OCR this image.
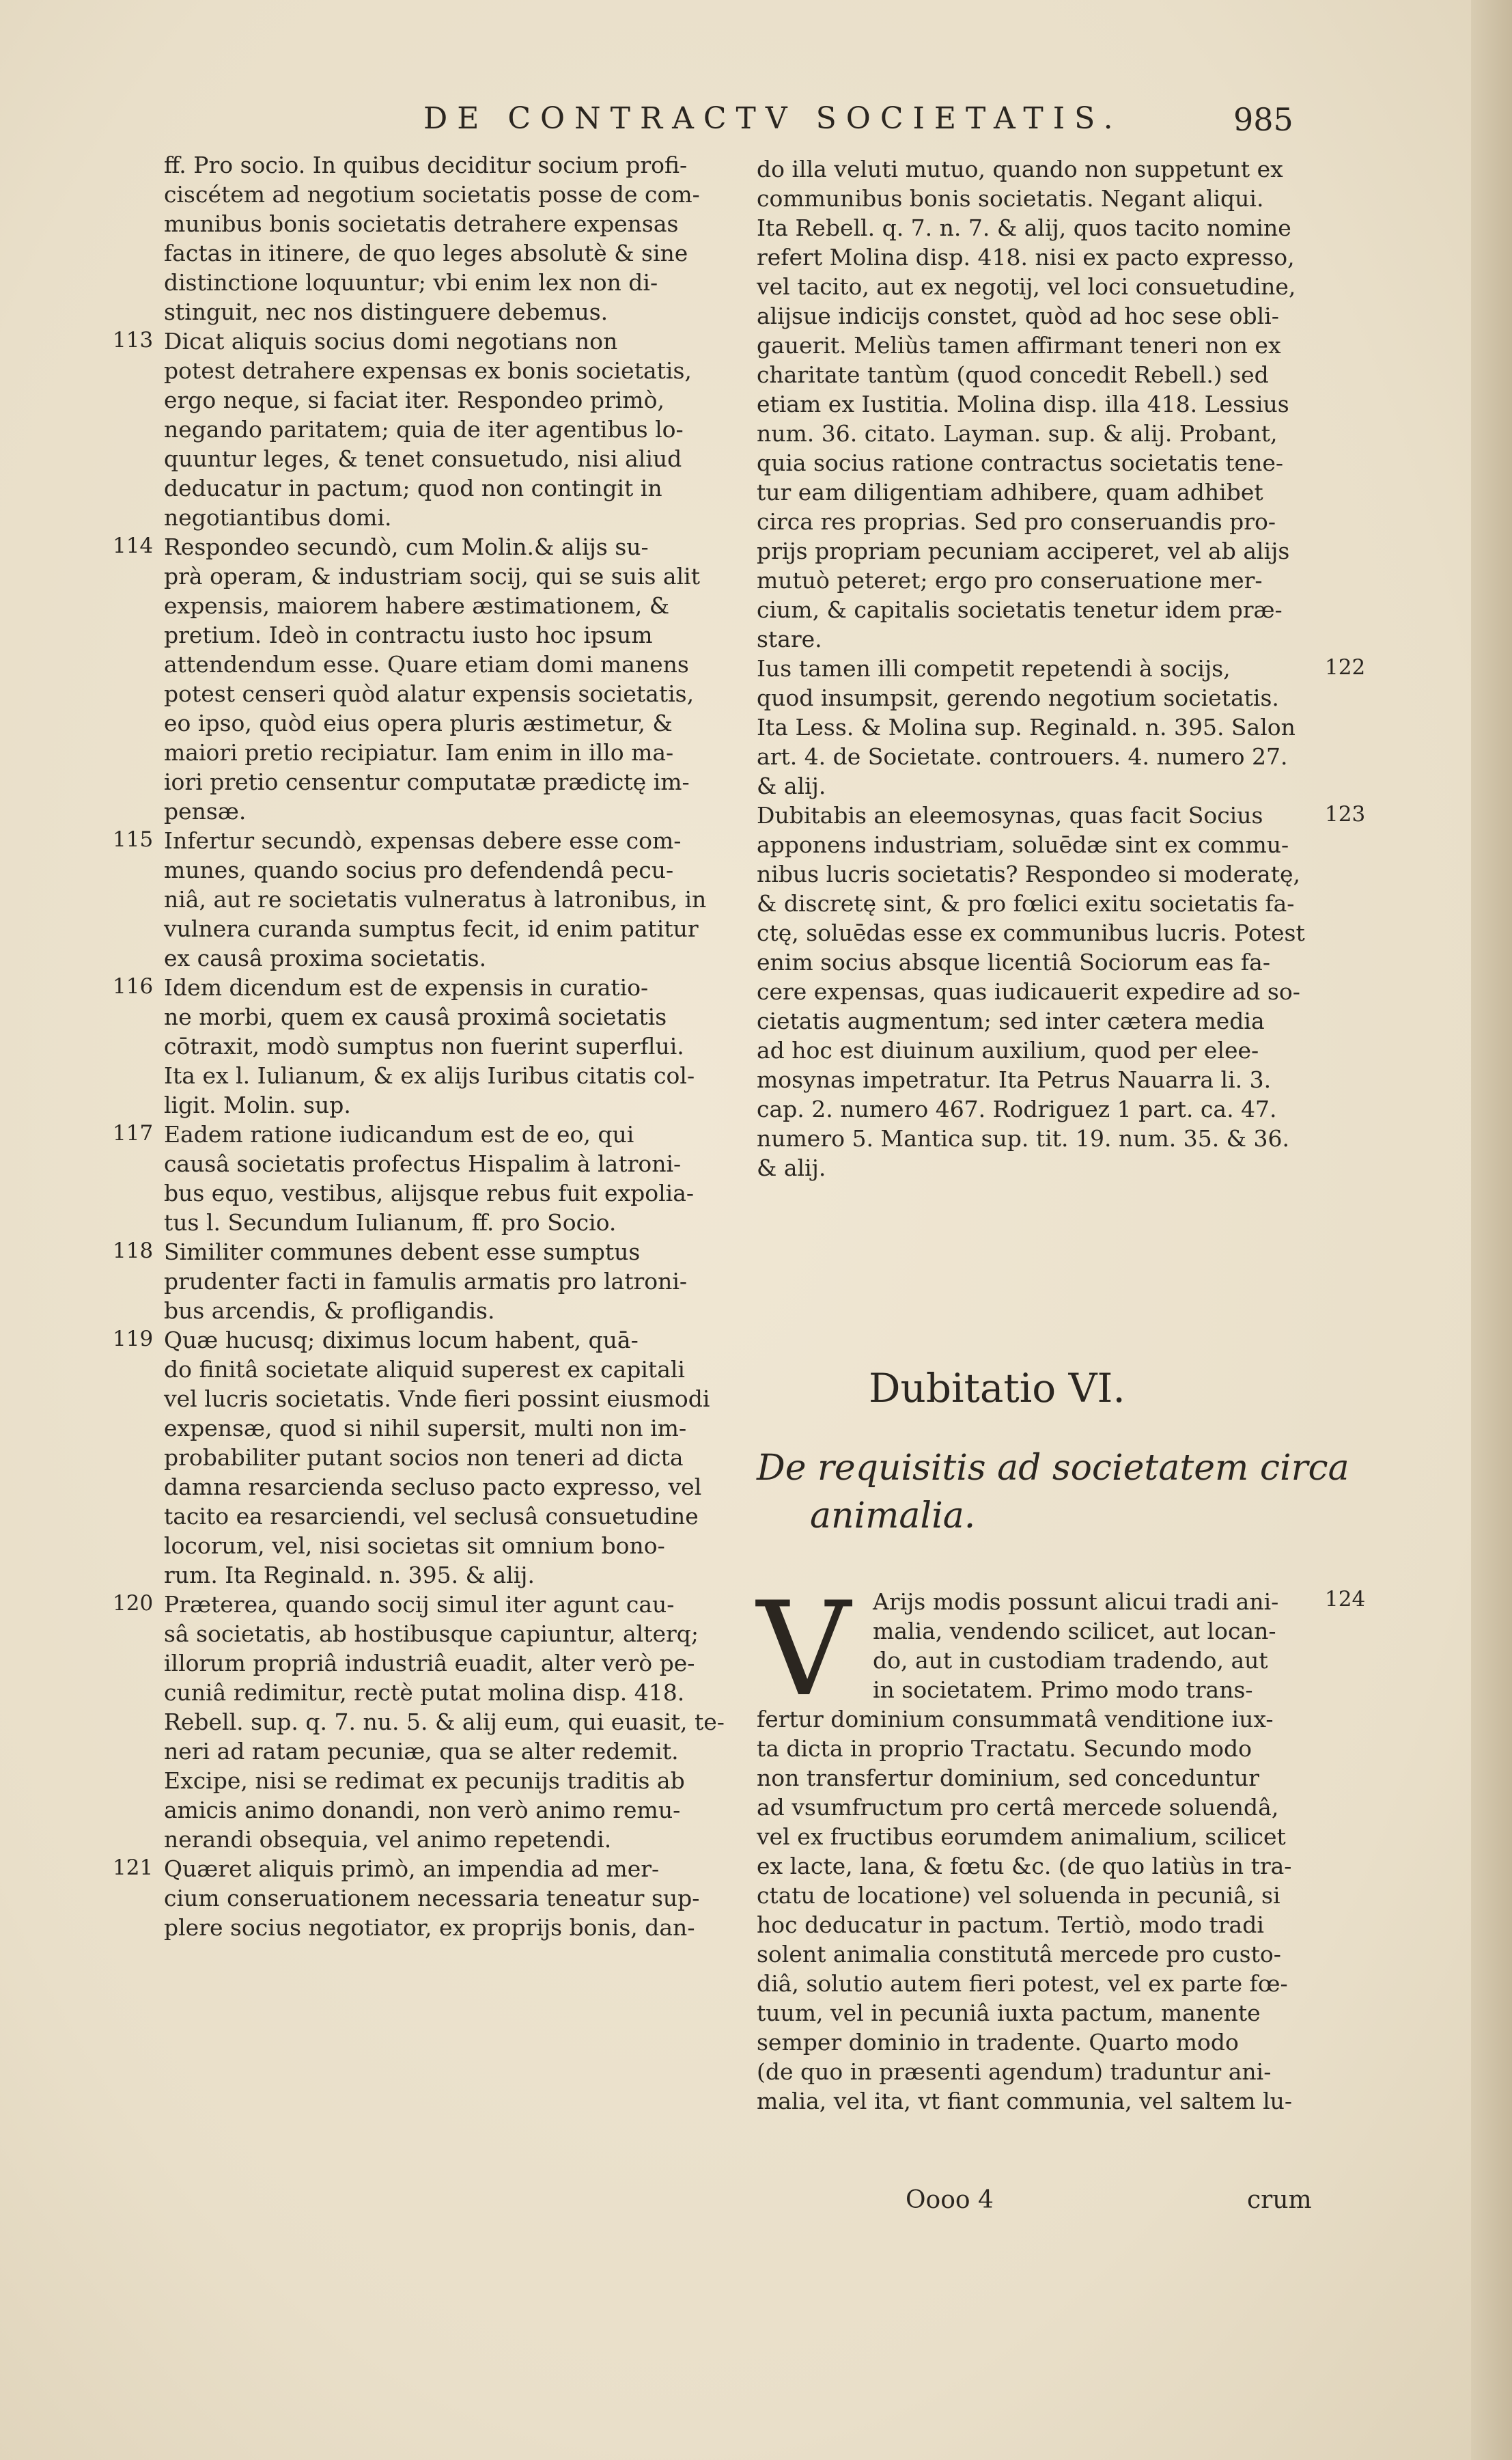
DE CONTRACTV SOCIETATIS.	985

ff. Pro socio. In quibus deciditur socium profi-

ciscétem ad negotium societatis posse de com-

munibus bonis societatis detrahere expensas

factas in itinere, de quo leges absolutè & sine

distinctione loquuntur; vbi enim lex non di-

stinguit, nec nos distinguere debemus.

Dicat aliquis socius domi negotians non

potest detrahere expensas ex bonis societatis,

ergo neque, si faciat iter. Respondeo primò,

negando paritatem; quia de iter agentibus lo-

quuntur leges, & tenet consuetudo, nisi aliud

deducatur in pactum; quod non contingit in

negotiantibus domi.

Respondeo secundò, cum Molin.& alijs su-

prà operam, & industriam socij, qui se suis alit

expensis, maiorem habere æstimationem, &

pretium. Ideò in contractu iusto hoc ipsum

attendendum esse. Quare etiam domi manens

potest censeri quòd alatur expensis societatis,

eo ipso, quòd eius opera pluris æstimetur, &

maiori pretio recipiatur. Iam enim in illo ma-

iori pretio censentur computatæ prædictę im-

pensæ.

Infertur secundò, expensas debere esse com-

munes, quando socius pro defendendâ pecu-

niâ, aut re societatis vulneratus à latronibus, in

vulnera curanda sumptus fecit, id enim patitur

ex causâ proxima societatis.

Idem dicendum est de expensis in curatio-

ne morbi, quem ex causâ proximâ societatis

cōtraxit, modò sumptus non fuerint superflui.

Ita ex l. Iulianum, & ex alijs Iuribus citatis col-

ligit. Molin. sup.

Eadem ratione iudicandum est de eo, qui

causâ societatis profectus Hispalim à latroni-

bus equo, vestibus, alijsque rebus fuit expolia-

tus l. Secundum Iulianum, ff. pro Socio.

Similiter communes debent esse sumptus

prudenter facti in famulis armatis pro latroni-

bus arcendis, & profligandis.

Quæ hucusq; diximus locum habent, quā-

do finitâ societate aliquid superest ex capitali

vel lucris societatis. Vnde fieri possint eiusmodi

expensæ, quod si nihil supersit, multi non im-

probabiliter putant socios non teneri ad dicta

damna resarcienda secluso pacto expresso, vel

tacito ea resarciendi, vel seclusâ consuetudine

locorum, vel, nisi societas sit omnium bono-

rum. Ita Reginald. n. 395. & alij.

Præterea, quando socij simul iter agunt cau-

sâ societatis, ab hostibusque capiuntur, alterq;

illorum propriâ industriâ euadit, alter verò pe-

cuniâ redimitur, rectè putat molina disp. 418.

Rebell. sup. q. 7. nu. 5. & alij eum, qui euasit, te-

neri ad ratam pecuniæ, qua se alter redemit.

Excipe, nisi se redimat ex pecunijs traditis ab

amicis animo donandi, non verò animo remu-

nerandi obsequia, vel animo repetendi.

Quæret aliquis primò, an impendia ad mer-

cium conseruationem necessaria teneatur sup-

plere socius negotiator, ex proprijs bonis, dan-

do illa veluti mutuo, quando non suppetunt ex

communibus bonis societatis. Negant aliqui.

Ita Rebell. q. 7. n. 7. & alij, quos tacito nomine

refert Molina disp. 418. nisi ex pacto expresso,

vel tacito, aut ex negotij, vel loci consuetudine,

alijsue indicijs constet, quòd ad hoc sese obli-

gauerit. Meliùs tamen affirmant teneri non ex

charitate tantùm (quod concedit Rebell.) sed

etiam ex Iustitia. Molina disp. illa 418. Lessius

num. 36. citato. Layman. sup. & alij. Probant,

quia socius ratione contractus societatis tene-

tur eam diligentiam adhibere, quam adhibet

circa res proprias. Sed pro conseruandis pro-

prijs propriam pecuniam acciperet, vel ab alijs

mutuò peteret; ergo pro conseruatione mer-

cium, & capitalis societatis tenetur idem præ-

stare.

Ius tamen illi competit repetendi à socijs,

quod insumpsit, gerendo negotium societatis.

Ita Less. & Molina sup. Reginald. n. 395. Salon

art. 4. de Societate. controuers. 4. numero 27.

& alij.

Dubitabis an eleemosynas, quas facit Socius

apponens industriam, soluēdæ sint ex commu-

nibus lucris societatis? Respondeo si moderatę,

& discretę sint, & pro fœlici exitu societatis fa-

ctę, soluēdas esse ex communibus lucris. Potest

enim socius absque licentiâ Sociorum eas fa-

cere expensas, quas iudicauerit expedire ad so-

cietatis augmentum; sed inter cætera media

ad hoc est diuinum auxilium, quod per elee-

mosynas impetratur. Ita Petrus Nauarra li. 3.

cap. 2. numero 467. Rodriguez 1 part. ca. 47.

numero 5. Mantica sup. tit. 19. num. 35. & 36.

& alij.

Dubitatio VI.
De requisitis ad societatem circa
animalia.
V Arijs modis possunt alicui tradi ani-

malia, vendendo scilicet, aut locan-

do, aut in custodiam tradendo, aut

in societatem. Primo modo trans-

fertur dominium consummatâ venditione iux-

ta dicta in proprio Tractatu. Secundo modo

non transfertur dominium, sed conceduntur

ad vsumfructum pro certâ mercede soluendâ,

vel ex fructibus eorumdem animalium, scilicet

ex lacte, lana, & fœtu &c. (de quo latiùs in tra-

ctatu de locatione) vel soluenda in pecuniâ, si

hoc deducatur in pactum. Tertiò, modo tradi

solent animalia constitutâ mercede pro custo-

diâ, solutio autem fieri potest, vel ex parte fœ-

tuum, vel in pecuniâ iuxta pactum, manente

semper dominio in tradente. Quarto modo

(de quo in præsenti agendum) traduntur ani-

malia, vel ita, vt fiant communia, vel saltem lu-

Oooo 4	crum
113
114
115
116
117
118
119
120
121
122
123
124
